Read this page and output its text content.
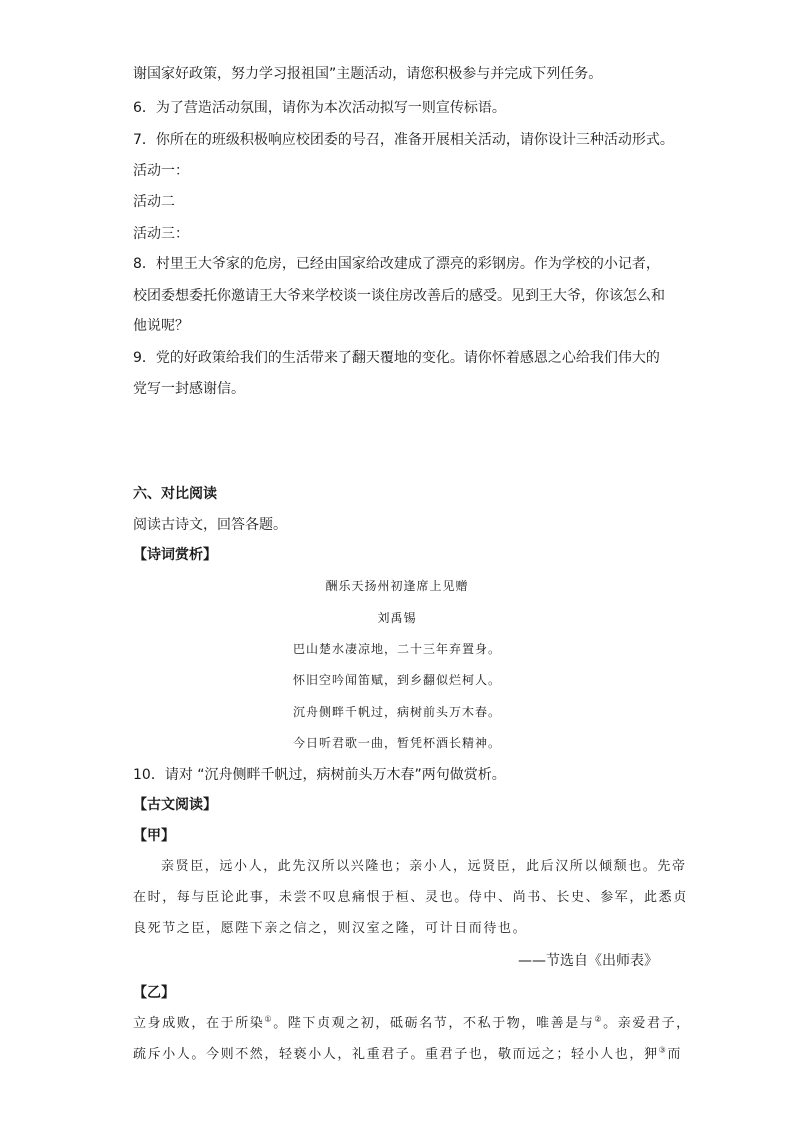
谢国家好政策，努力学习报祖国”主题活动，请您积极参与并完成下列任务。
6．为了营造活动氛围，请你为本次活动拟写一则宣传标语。
7．你所在的班级积极响应校团委的号召，准备开展相关活动，请你设计三种活动形式。
活动一：
活动二
活动三：
8．村里王大爷家的危房，已经由国家给改建成了漂亮的彩钢房。作为学校的小记者，
校团委想委托你邀请王大爷来学校谈一谈住房改善后的感受。见到王大爷，你该怎么和
他说呢？
9．党的好政策给我们的生活带来了翻天覆地的变化。请你怀着感恩之心给我们伟大的
党写一封感谢信。
六、对比阅读
阅读古诗文，回答各题。
【诗词赏析】
酬乐天扬州初逢席上见赠
刘禹锡
巴山楚水凄凉地，二十三年弃置身。
怀旧空吟闻笛赋，到乡翻似烂柯人。
沉舟侧畔千帆过，病树前头万木春。
今日听君歌一曲，暂凭杯酒长精神。
10．请对 “沉舟侧畔千帆过，病树前头万木春”两句做赏析。
【古文阅读】
【甲】
亲贤臣，远小人，此先汉所以兴隆也；亲小人，远贤臣，此后汉所以倾颓也。先帝
在时，每与臣论此事，未尝不叹息痛恨于桓、灵也。侍中、尚书、长史、参军，此悉贞
良死节之臣，愿陛下亲之信之，则汉室之隆，可计日而待也。
——节选自《出师表》
【乙】
立身成败，在于所染①。陛下贞观之初，砥砺名节，不私于物，唯善是与②。亲爱君子，
疏斥小人。今则不然，轻亵小人，礼重君子。重君子也，敬而远之；轻小人也，狎③而
